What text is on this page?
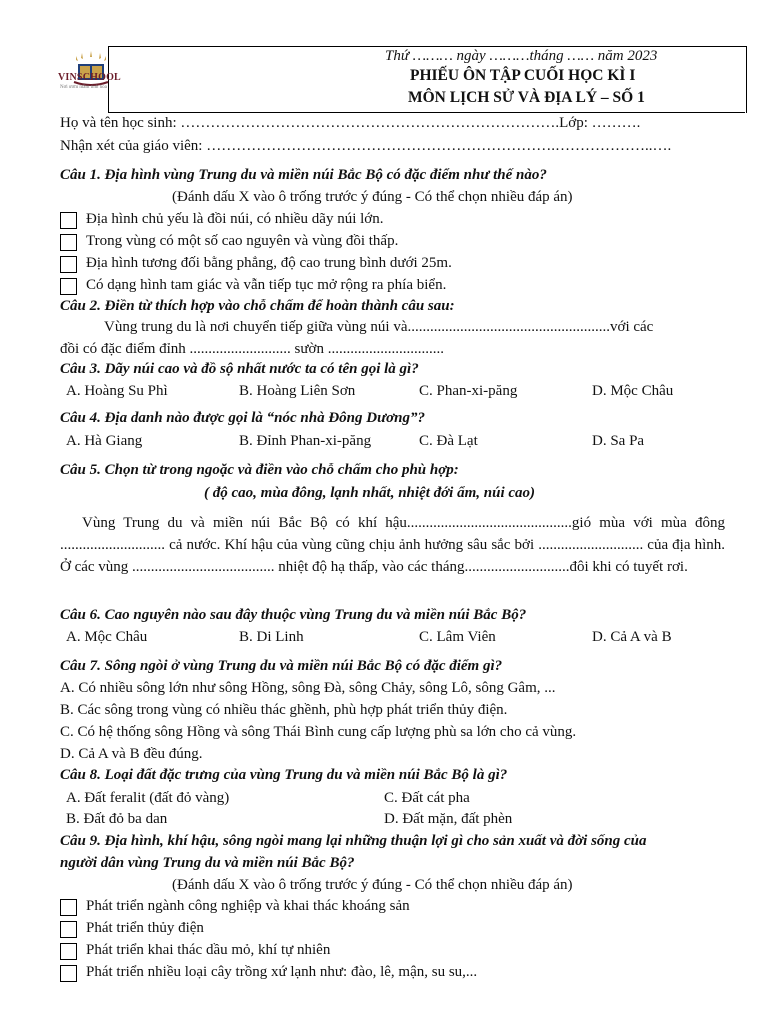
VINSCHOOL
Nơi ươm mầm tinh hoa
Thứ ……… ngày ………tháng …… năm 2023
PHIẾU ÔN TẬP CUỐI HỌC KÌ I
MÔN LỊCH SỬ VÀ ĐỊA LÝ – SỐ 1
Họ và tên học sinh: ………………………………………………………………….Lớp: ……….
Nhận xét của giáo viên: …………………………………………………………….………………..….
Câu 1. Địa hình vùng Trung du và miền núi Bắc Bộ có đặc điểm như thế nào?
(Đánh dấu X vào ô trống trước ý đúng - Có thể chọn nhiều đáp án)
Địa hình chủ yếu là đồi núi, có nhiều dãy núi lớn.
Trong vùng có một số cao nguyên và vùng đồi thấp.
Địa hình tương đối bằng phẳng, độ cao trung bình dưới 25m.
Có dạng hình tam giác và vẫn tiếp tục mở rộng ra phía biển.
Câu 2. Điền từ thích hợp vào chỗ chấm để hoàn thành câu sau:
Vùng trung du là nơi chuyển tiếp giữa vùng núi và......................................................với các
đồi có đặc điểm đỉnh ........................... sườn ...............................
Câu 3. Dãy núi cao và đồ sộ nhất nước ta có tên gọi là gì?
A. Hoàng Su Phì	B. Hoàng Liên Sơn	C. Phan-xi-păng	D. Mộc Châu
Câu 4. Địa danh nào được gọi là “nóc nhà Đông Dương”?
A. Hà Giang	B. Đỉnh Phan-xi-păng	C. Đà Lạt	D. Sa Pa
Câu 5. Chọn từ trong ngoặc và điền vào chỗ chấm cho phù hợp:
( độ cao, mùa đông, lạnh nhất, nhiệt đới ẩm, núi cao)
Vùng Trung du và miền núi Bắc Bộ có khí hậu............................................gió mùa với mùa đông ............................ cả nước. Khí hậu của vùng cũng chịu ảnh hưởng sâu sắc bởi ............................ của địa hình. Ở các vùng ...................................... nhiệt độ hạ thấp, vào các tháng............................đôi khi có tuyết rơi.
Câu 6. Cao nguyên nào sau đây thuộc vùng Trung du và miền núi Bắc Bộ?
A. Mộc Châu	B. Di Linh	C. Lâm Viên	D. Cả A và B
Câu 7. Sông ngòi ở vùng Trung du và miền núi Bắc Bộ có đặc điểm gì?
A. Có nhiều sông lớn như sông Hồng, sông Đà, sông Chảy, sông Lô, sông Gâm, ...
B. Các sông trong vùng có nhiều thác ghềnh, phù hợp phát triển thủy điện.
C. Có hệ thống sông Hồng và sông Thái Bình cung cấp lượng phù sa lớn cho cả vùng.
D. Cả A và B đều đúng.
Câu 8. Loại đất đặc trưng của vùng Trung du và miền núi Bắc Bộ là gì?
A. Đất feralit (đất đỏ vàng)	C. Đất cát pha
B. Đất đỏ ba dan	D. Đất mặn, đất phèn
Câu 9. Địa hình, khí hậu, sông ngòi mang lại những thuận lợi gì cho sản xuất và đời sống của
người dân vùng Trung du và miền núi Bắc Bộ?
(Đánh dấu X vào ô trống trước ý đúng - Có thể chọn nhiều đáp án)
Phát triển ngành công nghiệp và khai thác khoáng sản
Phát triển thủy điện
Phát triển khai thác dầu mỏ, khí tự nhiên
Phát triển nhiều loại cây trồng xứ lạnh như: đào, lê, mận, su su,...
